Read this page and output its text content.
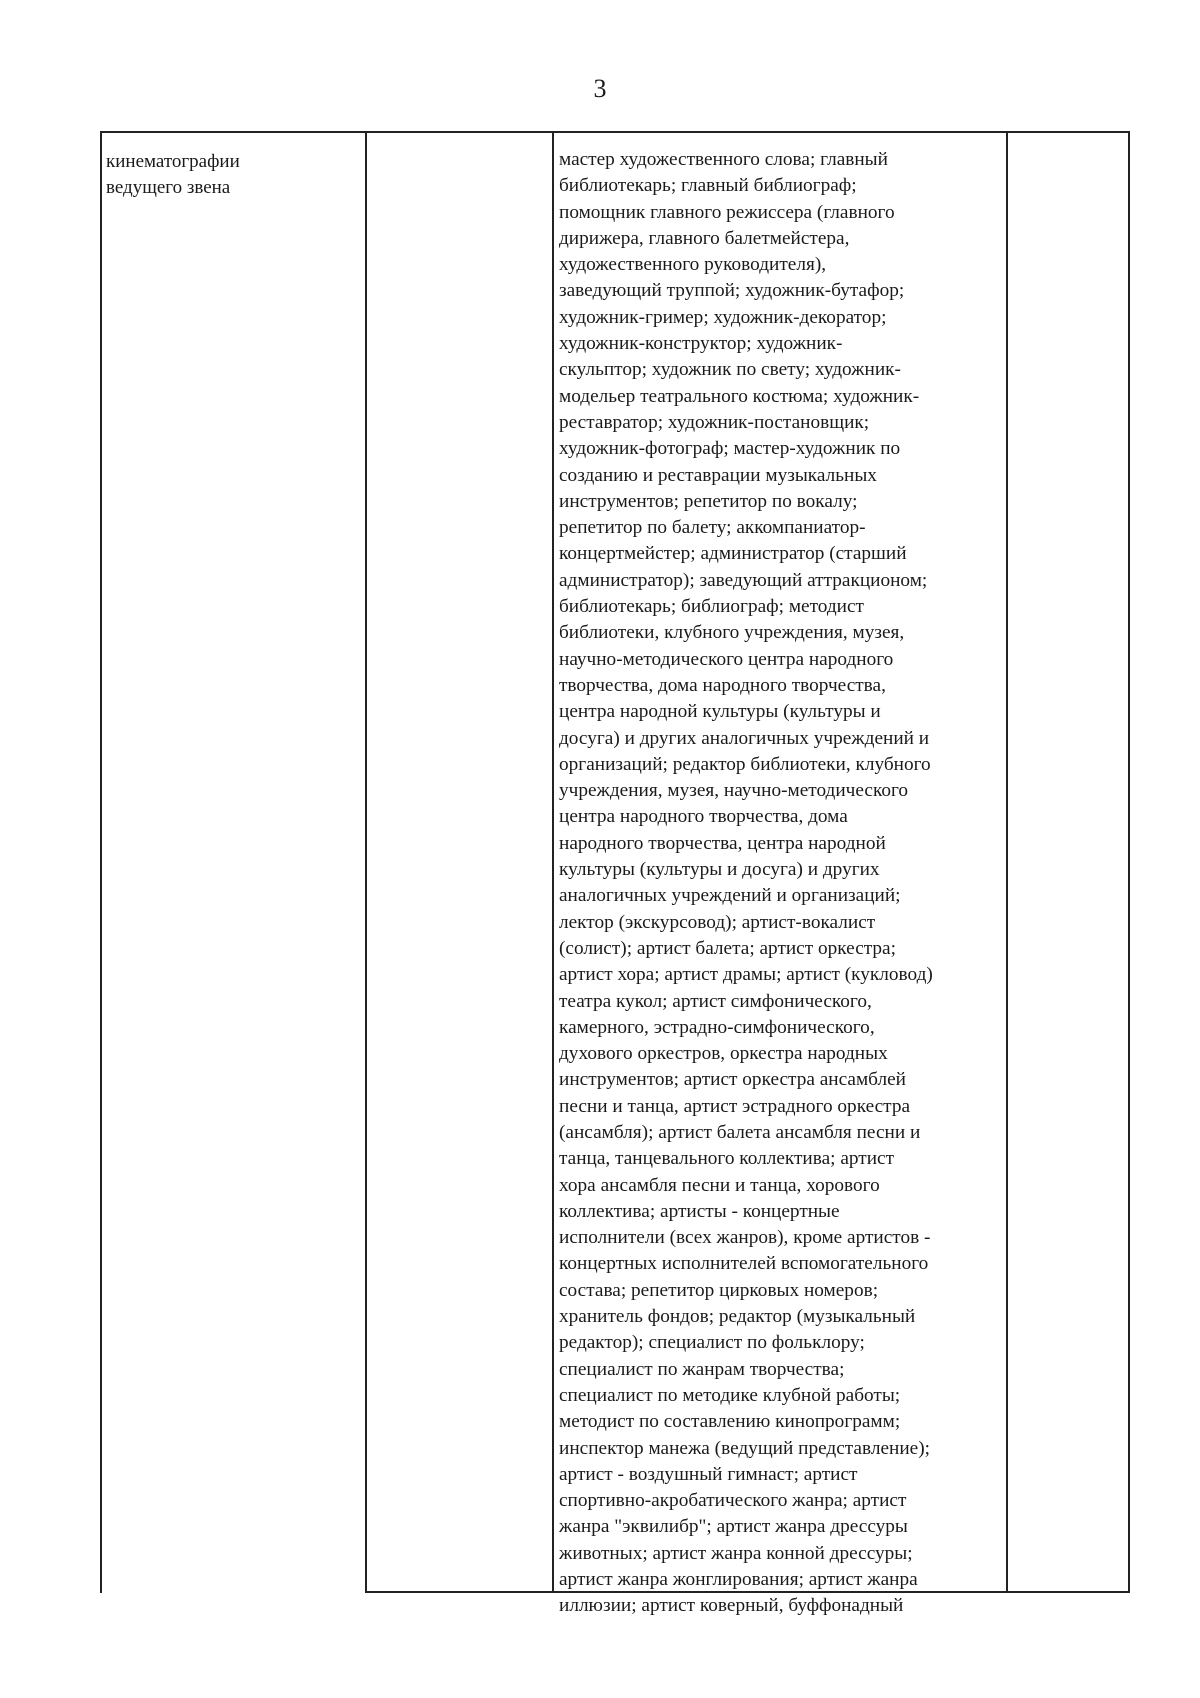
3
кинематографии
ведущего звена
мастер художественного слова; главный
библиотекарь; главный библиограф;
помощник главного режиссера (главного
дирижера, главного балетмейстера,
художественного руководителя),
заведующий труппой; художник-бутафор;
художник-гример; художник-декоратор;
художник-конструктор; художник-
скульптор; художник по свету; художник-
модельер театрального костюма; художник-
реставратор; художник-постановщик;
художник-фотограф; мастер-художник по
созданию и реставрации музыкальных
инструментов; репетитор по вокалу;
репетитор по балету; аккомпаниатор-
концертмейстер; администратор (старший
администратор); заведующий аттракционом;
библиотекарь; библиограф; методист
библиотеки, клубного учреждения, музея,
научно-методического центра народного
творчества, дома народного творчества,
центра народной культуры (культуры и
досуга) и других аналогичных учреждений и
организаций; редактор библиотеки, клубного
учреждения, музея, научно-методического
центра народного творчества, дома
народного творчества, центра народной
культуры (культуры и досуга) и других
аналогичных учреждений и организаций;
лектор (экскурсовод); артист-вокалист
(солист); артист балета; артист оркестра;
артист хора; артист драмы; артист (кукловод)
театра кукол; артист симфонического,
камерного, эстрадно-симфонического,
духового оркестров, оркестра народных
инструментов; артист оркестра ансамблей
песни и танца, артист эстрадного оркестра
(ансамбля); артист балета ансамбля песни и
танца, танцевального коллектива; артист
хора ансамбля песни и танца, хорового
коллектива; артисты - концертные
исполнители (всех жанров), кроме артистов -
концертных исполнителей вспомогательного
состава; репетитор цирковых номеров;
хранитель фондов; редактор (музыкальный
редактор); специалист по фольклору;
специалист по жанрам творчества;
специалист по методике клубной работы;
методист по составлению кинопрограмм;
инспектор манежа (ведущий представление);
артист - воздушный гимнаст; артист
спортивно-акробатического жанра; артист
жанра "эквилибр"; артист жанра дрессуры
животных; артист жанра конной дрессуры;
артист жанра жонглирования; артист жанра
иллюзии; артист коверный, буффонадный
